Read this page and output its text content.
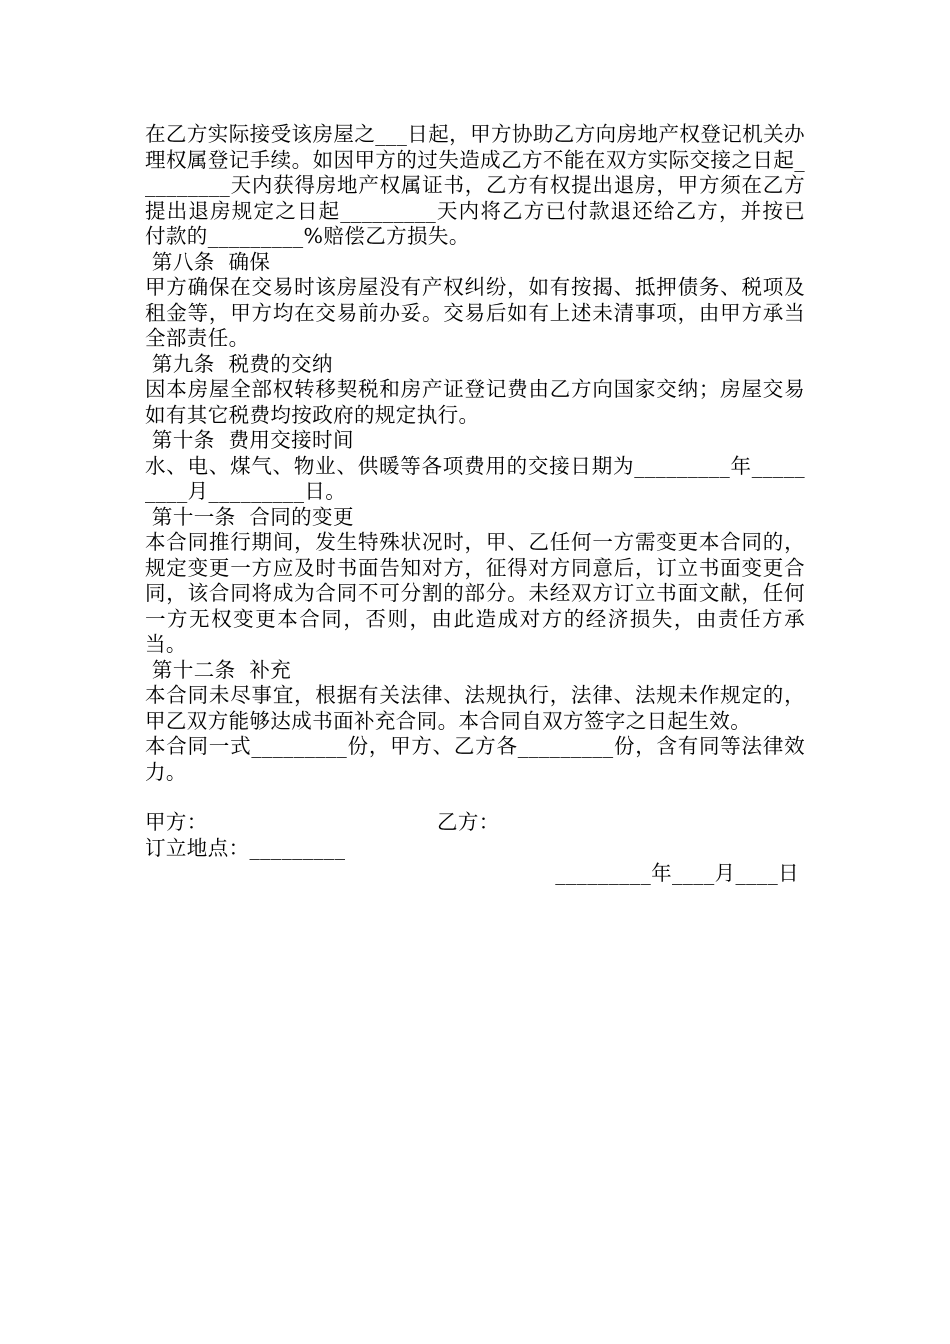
在乙方实际接受该房屋之___日起，甲方协助乙方向房地产权登记机关办理权属登记手续。如因甲方的过失造成乙方不能在双方实际交接之日起_________天内获得房地产权属证书，乙方有权提出退房，甲方须在乙方提出退房规定之日起_________天内将乙方已付款退还给乙方，并按已付款的_________%赔偿乙方损失。

第八条  确保

甲方确保在交易时该房屋没有产权纠纷，如有按揭、抵押债务、税项及租金等，甲方均在交易前办妥。交易后如有上述未清事项，由甲方承当全部责任。

第九条  税费的交纳

因本房屋全部权转移契税和房产证登记费由乙方向国家交纳；房屋交易如有其它税费均按政府的规定执行。

第十条  费用交接时间

水、电、煤气、物业、供暖等各项费用的交接日期为_________年_________月_________日。

第十一条  合同的变更

本合同推行期间，发生特殊状况时，甲、乙任何一方需变更本合同的，规定变更一方应及时书面告知对方，征得对方同意后，订立书面变更合同，该合同将成为合同不可分割的部分。未经双方订立书面文献，任何一方无权变更本合同，否则，由此造成对方的经济损失，由责任方承当。

第十二条  补充

本合同未尽事宜，根据有关法律、法规执行，法律、法规未作规定的，甲乙双方能够达成书面补充合同。本合同自双方签字之日起生效。

本合同一式_________份，甲方、乙方各_________份，含有同等法律效力。

甲方：	乙方：
订立地点：_________
_________年____月____日
